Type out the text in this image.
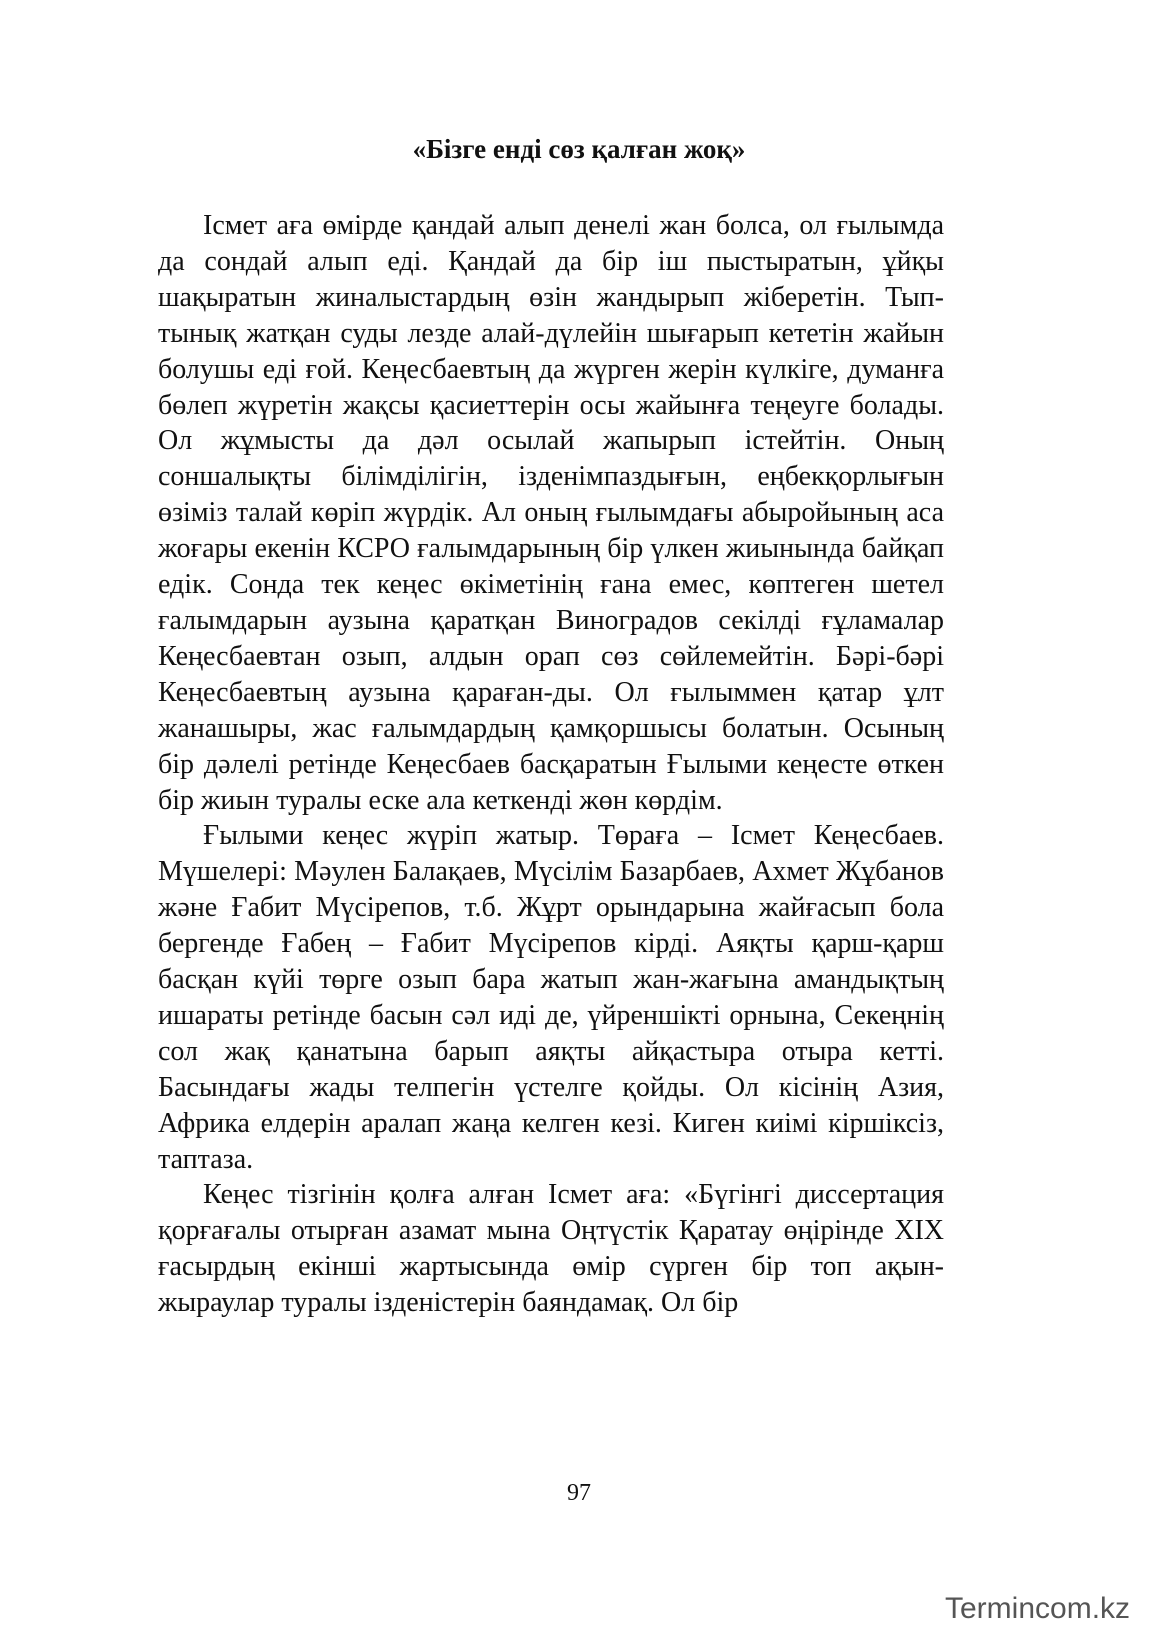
«Бізге енді сөз қалған жоқ»

Ісмет аға өмірде қандай алып денелі жан болса, ол ғылымда да сондай алып еді. Қандай да бір іш пыстыратын, ұйқы шақыратын жиналыстардың өзін жандырып жіберетін. Тып-тынық жатқан суды лезде алай-дүлейін шығарып кететін жайын болушы еді ғой. Кеңесбаевтың да жүрген жерін күлкіге, думанға бөлеп жүретін жақсы қасиеттерін осы жайынға теңеуге болады. Ол жұмысты да дәл осылай жапырып істейтін. Оның соншалықты білімділігін, ізденімпаздығын, еңбекқорлығын өзіміз талай көріп жүрдік. Ал оның ғылымдағы абыройының аса жоғары екенін КСРО ғалымдарының бір үлкен жиынында байқап едік. Сонда тек кеңес өкіметінің ғана емес, көптеген шетел ғалымдарын аузына қаратқан Виноградов секілді ғұламалар Кеңесбаевтан озып, алдын орап сөз сөйлемейтін. Бәрі-бәрі Кеңесбаевтың аузына қараған-ды. Ол ғылыммен қатар ұлт жанашыры, жас ғалымдардың қамқоршысы болатын. Осының бір дәлелі ретінде Кеңесбаев басқаратын Ғылыми кеңесте өткен бір жиын туралы еске ала кеткенді жөн көрдім.

Ғылыми кеңес жүріп жатыр. Төраға – Ісмет Кеңесбаев. Мүшелері: Мәулен Балақаев, Мүсілім Базарбаев, Ахмет Жұбанов және Ғабит Мүсірепов, т.б. Жұрт орындарына жайғасып бола бергенде Ғабең – Ғабит Мүсірепов кірді. Аяқты қарш-қарш басқан күйі төрге озып бара жатып жан-жағына амандықтың ишараты ретінде басын сәл иді де, үйреншікті орнына, Секеңнің сол жақ қанатына барып аяқты айқастыра отыра кетті. Басындағы жады телпегін үстелге қойды. Ол кісінің Азия, Африка елдерін аралап жаңа келген кезі. Киген киімі кіршіксіз, таптаза.

Кеңес тізгінін қолға алған Ісмет аға: «Бүгінгі диссертация қорғағалы отырған азамат мына Оңтүстік Қаратау өңірінде XIX ғасырдың екінші жартысында өмір сүрген бір топ ақын-жыраулар туралы ізденістерін баяндамақ. Ол бір

97
Termincom.kz
